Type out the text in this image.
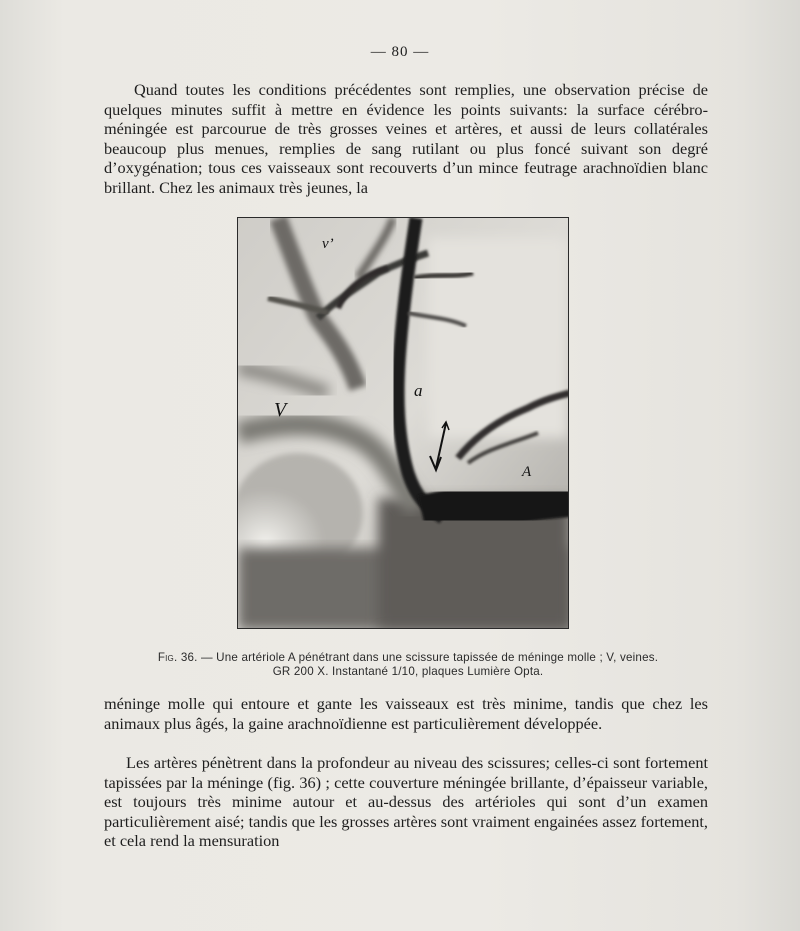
— 80 —

Quand toutes les conditions précédentes sont remplies, une observation précise de quelques minutes suffit à mettre en évidence les points suivants: la surface cérébro-méningée est parcourue de très grosses veines et artères, et aussi de leurs collatérales beaucoup plus menues, remplies de sang rutilant ou plus foncé suivant son degré d’oxygénation; tous ces vaisseaux sont recouverts d’un mince feutrage arachnoïdien blanc brillant. Chez les animaux très jeunes, la

v’
V
a
A
Fig. 36. — Une artériole A pénétrant dans une scissure tapissée de méninge molle ; V, veines.
GR 200 X. Instantané 1/10, plaques Lumière Opta.

méninge molle qui entoure et gante les vaisseaux est très minime, tandis que chez les animaux plus âgés, la gaine arachnoïdienne est particulièrement développée.

Les artères pénètrent dans la profondeur au niveau des scissures; celles-ci sont fortement tapissées par la méninge (fig. 36) ; cette couverture méningée brillante, d’épaisseur variable, est toujours très minime autour et au-dessus des artérioles qui sont d’un examen particulièrement aisé; tandis que les grosses artères sont vraiment engainées assez fortement, et cela rend la mensuration
